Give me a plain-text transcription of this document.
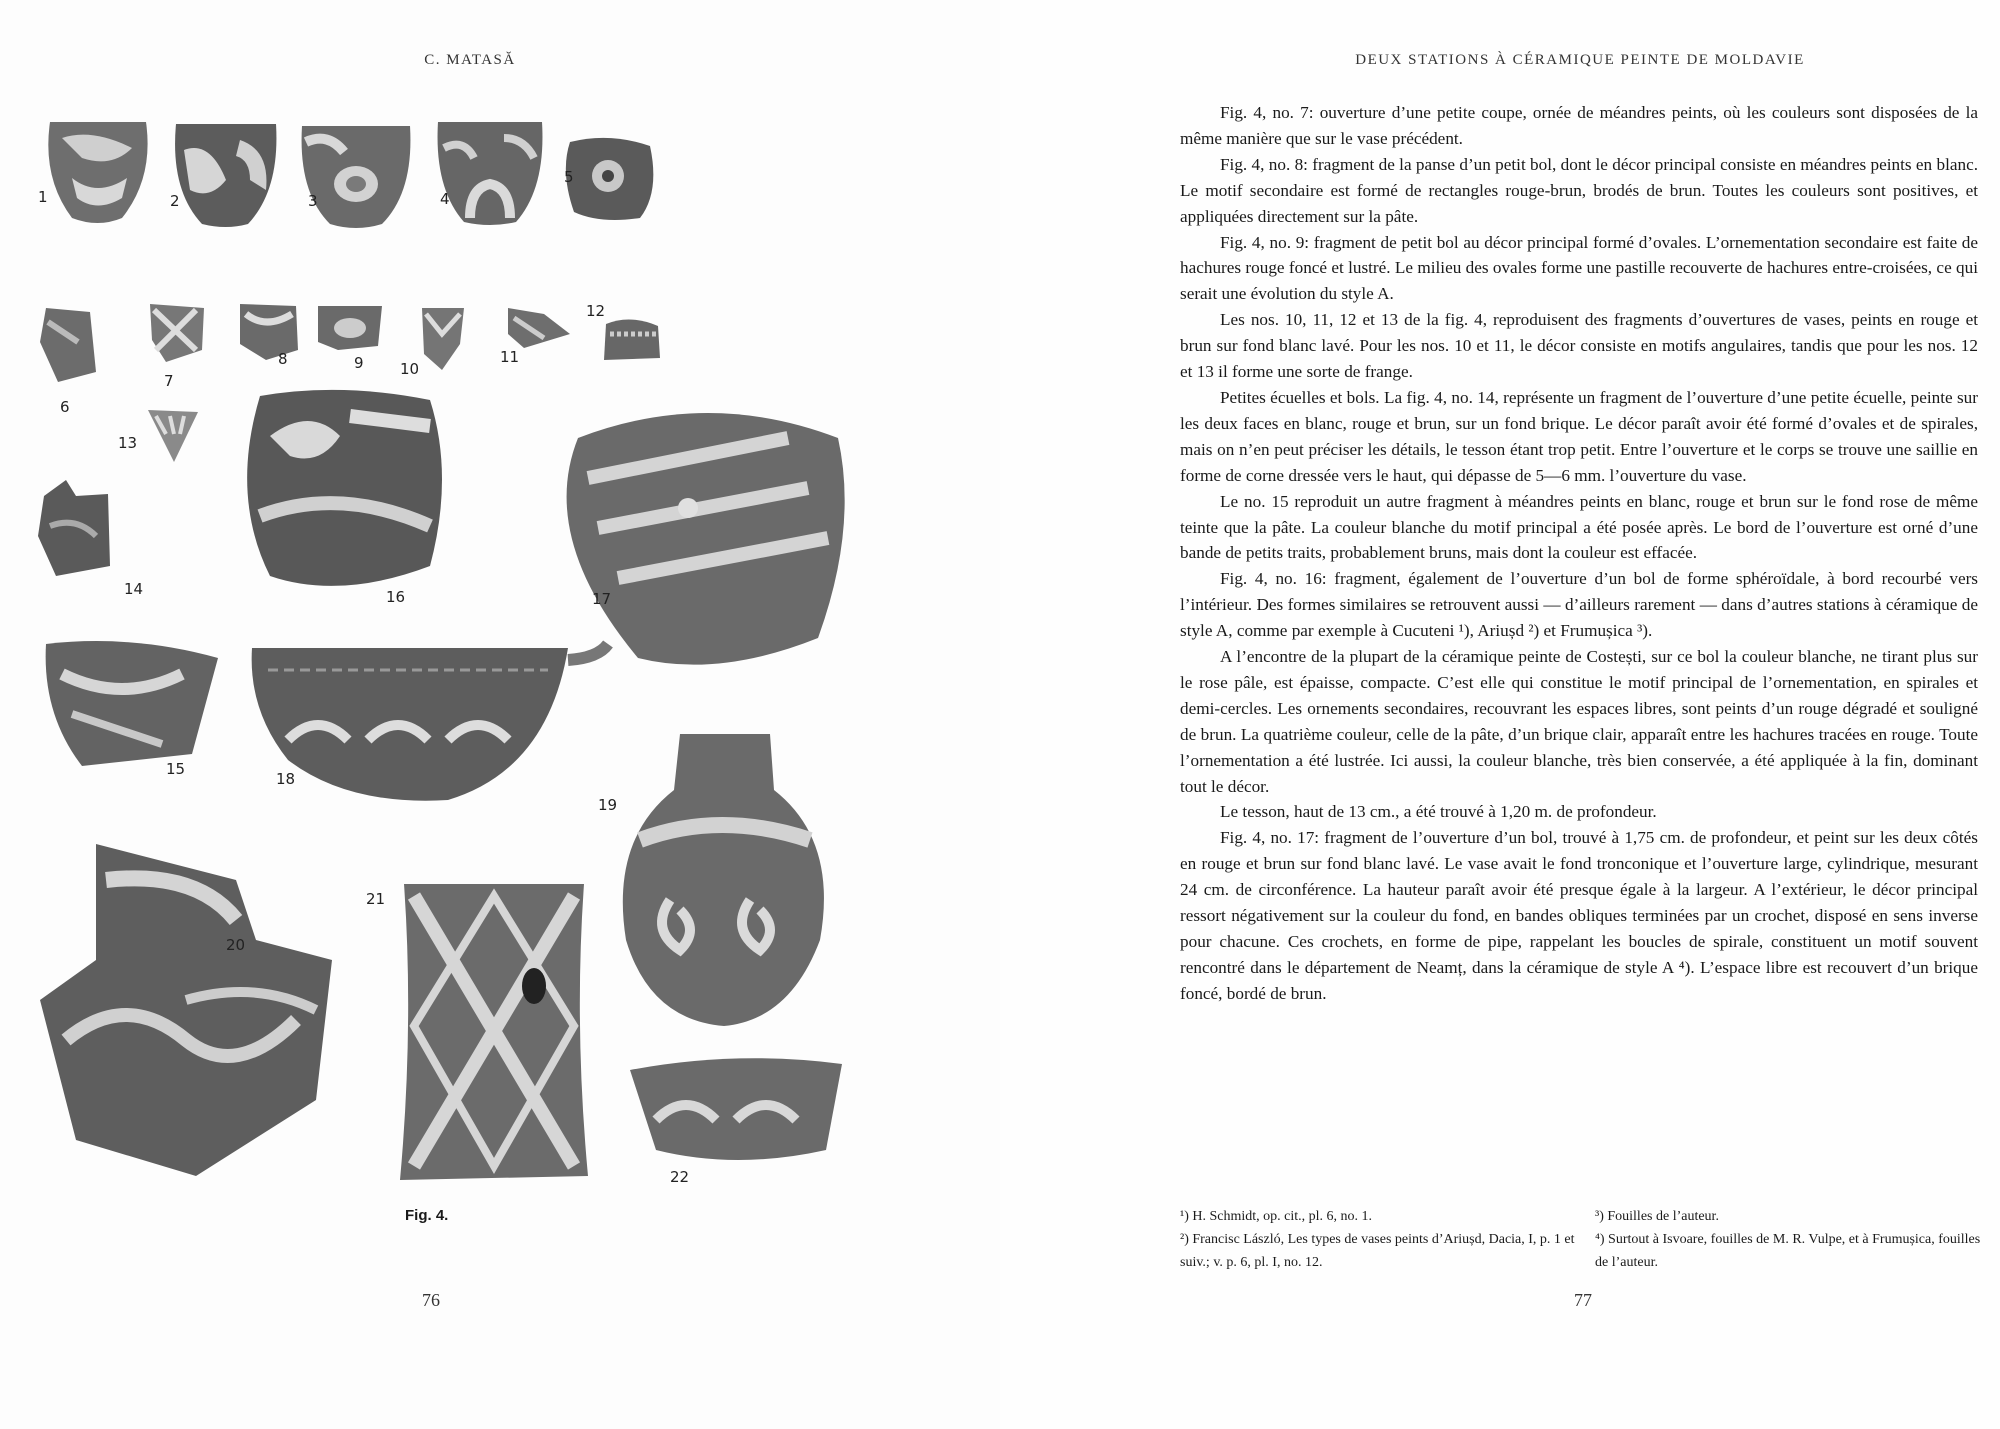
C. MATASĂ
1	2	3	4
5
6
7
8	9 10
11
12
13
14	16	17
15
18
19
20
21
22
Fig. 4.
76
DEUX STATIONS À CÉRAMIQUE PEINTE DE MOLDAVIE

Fig. 4, no. 7: ouverture d’une petite coupe, ornée de méandres peints, où les couleurs sont disposées de la même manière que sur le vase précédent.

Fig. 4, no. 8: fragment de la panse d’un petit bol, dont le décor principal consiste en méandres peints en blanc. Le motif secondaire est formé de rectangles rouge-brun, brodés de brun. Toutes les couleurs sont positives, et appliquées directement sur la pâte.

Fig. 4, no. 9: fragment de petit bol au décor principal formé d’ovales. L’ornementation secondaire est faite de hachures rouge foncé et lustré. Le milieu des ovales forme une pastille recouverte de hachures entre-croisées, ce qui serait une évolution du style A.

Les nos. 10, 11, 12 et 13 de la fig. 4, reproduisent des fragments d’ouvertures de vases, peints en rouge et brun sur fond blanc lavé. Pour les nos. 10 et 11, le décor consiste en motifs angulaires, tandis que pour les nos. 12 et 13 il forme une sorte de frange.

Petites écuelles et bols. La fig. 4, no. 14, représente un fragment de l’ouverture d’une petite écuelle, peinte sur les deux faces en blanc, rouge et brun, sur un fond brique. Le décor paraît avoir été formé d’ovales et de spirales, mais on n’en peut préciser les détails, le tesson étant trop petit. Entre l’ouverture et le corps se trouve une saillie en forme de corne dressée vers le haut, qui dépasse de 5—6 mm. l’ouverture du vase.

Le no. 15 reproduit un autre fragment à méandres peints en blanc, rouge et brun sur le fond rose de même teinte que la pâte. La couleur blanche du motif principal a été posée après. Le bord de l’ouverture est orné d’une bande de petits traits, probablement bruns, mais dont la couleur est effacée.

Fig. 4, no. 16: fragment, également de l’ouverture d’un bol de forme sphéroïdale, à bord recourbé vers l’intérieur. Des formes similaires se retrouvent aussi — d’ailleurs rarement — dans d’autres stations à céramique de style A, comme par exemple à Cucuteni ¹), Ariușd ²) et Frumușica ³).

A l’encontre de la plupart de la céramique peinte de Costești, sur ce bol la couleur blanche, ne tirant plus sur le rose pâle, est épaisse, compacte. C’est elle qui constitue le motif principal de l’ornementation, en spirales et demi-cercles. Les ornements secondaires, recouvrant les espaces libres, sont peints d’un rouge dégradé et souligné de brun. La quatrième couleur, celle de la pâte, d’un brique clair, apparaît entre les hachures tracées en rouge. Toute l’ornementation a été lustrée. Ici aussi, la couleur blanche, très bien conservée, a été appliquée à la fin, dominant tout le décor.

Le tesson, haut de 13 cm., a été trouvé à 1,20 m. de profondeur.

Fig. 4, no. 17: fragment de l’ouverture d’un bol, trouvé à 1,75 cm. de profondeur, et peint sur les deux côtés en rouge et brun sur fond blanc lavé. Le vase avait le fond tronconique et l’ouverture large, cylindrique, mesurant 24 cm. de circonférence. La hauteur paraît avoir été presque égale à la largeur. A l’extérieur, le décor principal ressort négativement sur la couleur du fond, en bandes obliques terminées par un crochet, disposé en sens inverse pour chacune. Ces crochets, en forme de pipe, rappelant les boucles de spirale, constituent un motif souvent rencontré dans le département de Neamț, dans la céramique de style A ⁴). L’espace libre est recouvert d’un brique foncé, bordé de brun.

¹) H. Schmidt, op. cit., pl. 6, no. 1.
²) Francisc László, Les types de vases peints d’Ariușd, Dacia, I, p. 1 et suiv.; v. p. 6, pl. I, no. 12.
³) Fouilles de l’auteur.
⁴) Surtout à Isvoare, fouilles de M. R. Vulpe, et à Frumușica, fouilles de l’auteur.
77
